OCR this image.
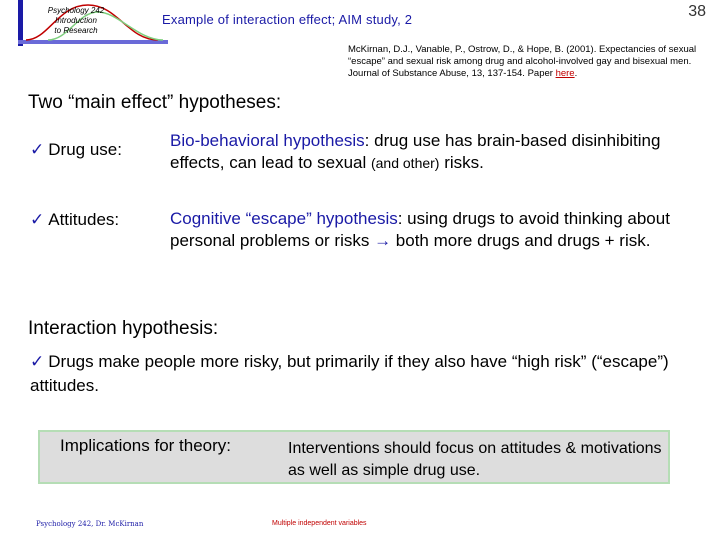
Psychology 242
Introduction
to Research
Example of interaction effect; AIM study, 2	38
McKirnan, D.J., Vanable, P., Ostrow, D., & Hope, B. (2001). Expectancies of sexual “escape” and sexual risk among drug and alcohol-involved gay and bisexual men. Journal of Substance Abuse, 13, 137-154. Paper here.
Two “main effect” hypotheses:
✓ Drug use:	Bio-behavioral hypothesis: drug use has brain-based disinhibiting effects, can lead to sexual (and other) risks.
✓ Attitudes:	Cognitive “escape” hypothesis: using drugs to avoid thinking about personal problems or risks → both more drugs and drugs + risk.
Interaction hypothesis:
✓ Drugs make people more risky, but primarily if they also have “high risk” (“escape”) attitudes.
Implications for theory:	Interventions should focus on attitudes & motivations as well as simple drug use.
Psychology 242, Dr. McKirnan	Multiple independent variables
